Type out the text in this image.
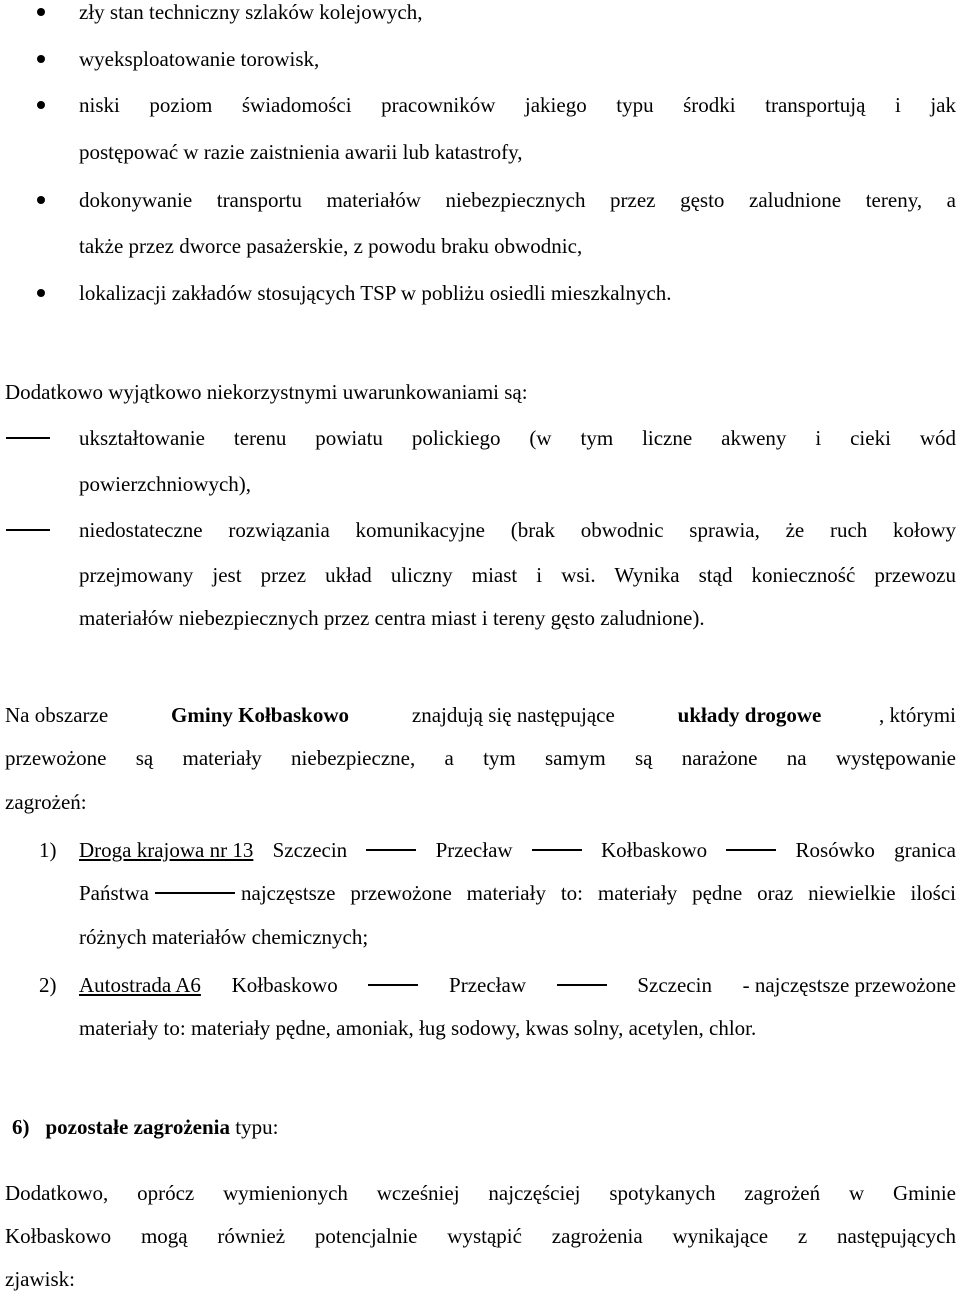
zły stan techniczny szlaków kolejowych,
wyeksploatowanie torowisk,
niski poziom świadomości pracowników jakiego typu środki transportują i jak
postępować w razie zaistnienia awarii lub katastrofy,
dokonywanie transportu materiałów niebezpiecznych przez gęsto zaludnione tereny, a
także przez dworce pasażerskie, z powodu braku obwodnic,
lokalizacji zakładów stosujących TSP w pobliżu osiedli mieszkalnych.
Dodatkowo wyjątkowo niekorzystnymi uwarunkowaniami są:
ukształtowanie terenu powiatu polickiego (w tym liczne akweny i cieki wód
powierzchniowych),
niedostateczne rozwiązania komunikacyjne (brak obwodnic sprawia, że ruch kołowy
przejmowany jest przez układ uliczny miast i wsi. Wynika stąd konieczność przewozu
materiałów niebezpiecznych przez centra miast i tereny gęsto zaludnione).
Na obszarze	Gminy Kołbaskowo	znajdują się następujące	układy drogowe	, którymi
przewożone są materiały niebezpieczne, a tym samym są narażone na występowanie
zagrożeń:
1) Droga krajowa nr 13 Szczecin	Przecław	Kołbaskowo	Rosówko granica
Państwa	najczęstsze przewożone materiały to: materiały pędne oraz niewielkie ilości
różnych materiałów chemicznych;
2) Autostrada A6 Kołbaskowo	Przecław	Szczecin - najczęstsze przewożone
materiały to: materiały pędne, amoniak, ług sodowy, kwas solny, acetylen, chlor.
6) pozostałe zagrożenia typu:
Dodatkowo, oprócz wymienionych wcześniej najczęściej spotykanych zagrożeń w Gminie
Kołbaskowo mogą również potencjalnie wystąpić zagrożenia wynikające z następujących
zjawisk:
